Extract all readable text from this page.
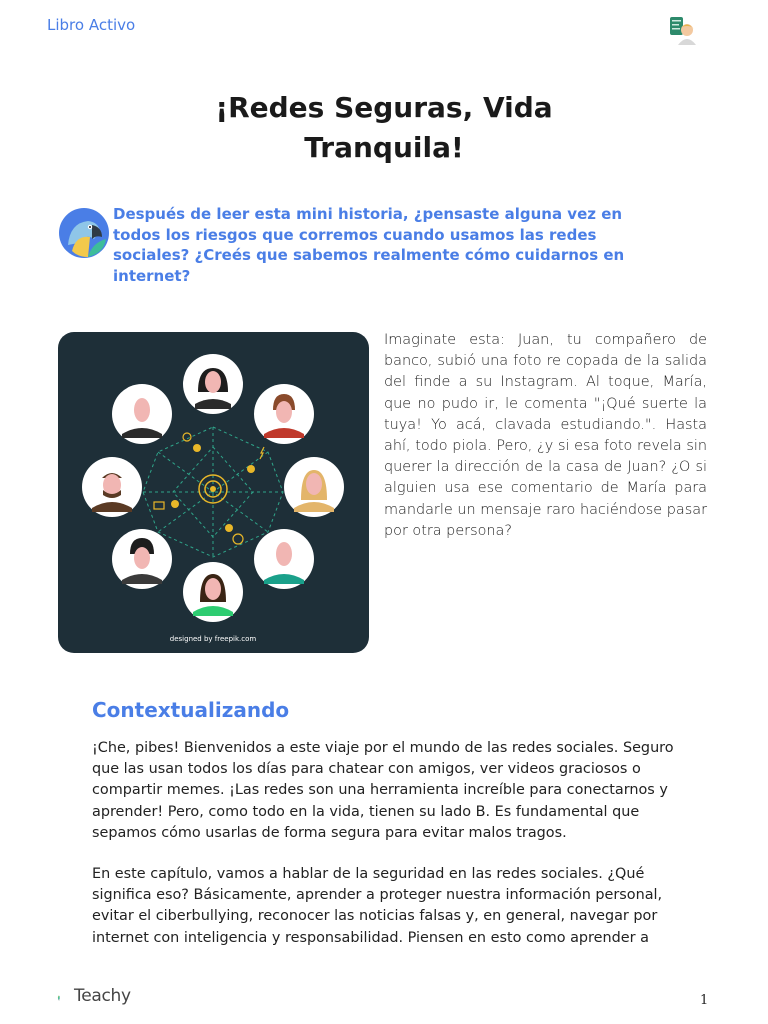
Libro Activo
¡Redes Seguras, Vida
Tranquila!
Después de leer esta mini historia, ¿pensaste alguna vez en todos los riesgos que corremos cuando usamos las redes sociales? ¿Creés que sabemos realmente cómo cuidarnos en internet?
designed by freepik.com
Imaginate esta: Juan, tu compañero de banco, subió una foto re copada de la salida del finde a su Instagram. Al toque, María, que no pudo ir, le comenta "¡Qué suerte la tuya! Yo acá, clavada estudiando.". Hasta ahí, todo piola. Pero, ¿y si esa foto revela sin querer la dirección de la casa de Juan? ¿O si alguien usa ese comentario de María para mandarle un mensaje raro haciéndose pasar por otra persona?
Contextualizando
¡Che, pibes! Bienvenidos a este viaje por el mundo de las redes sociales. Seguro que las usan todos los días para chatear con amigos, ver videos graciosos o compartir memes. ¡Las redes son una herramienta increíble para conectarnos y aprender! Pero, como todo en la vida, tienen su lado B. Es fundamental que sepamos cómo usarlas de forma segura para evitar malos tragos.
En este capítulo, vamos a hablar de la seguridad en las redes sociales. ¿Qué significa eso? Básicamente, aprender a proteger nuestra información personal, evitar el ciberbullying, reconocer las noticias falsas y, en general, navegar por internet con inteligencia y responsabilidad. Piensen en esto como aprender a
Teachy	1
